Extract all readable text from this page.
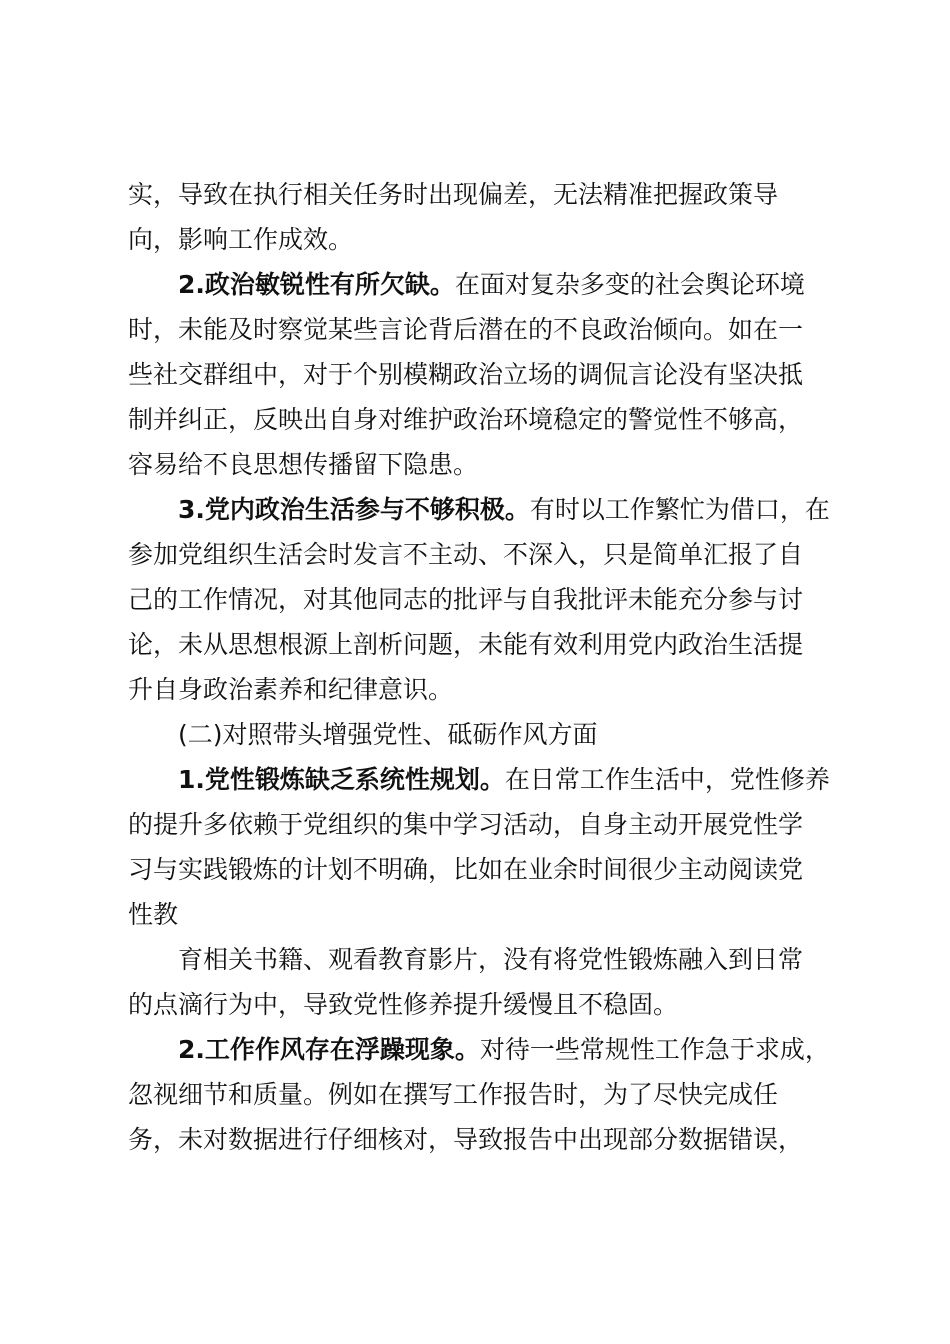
实，导致在执行相关任务时出现偏差，无法精准把握政策导
向，影响工作成效。
2.政治敏锐性有所欠缺。在面对复杂多变的社会舆论环境
时，未能及时察觉某些言论背后潜在的不良政治倾向。如在一
些社交群组中，对于个别模糊政治立场的调侃言论没有坚决抵
制并纠正，反映出自身对维护政治环境稳定的警觉性不够高，
容易给不良思想传播留下隐患。
3.党内政治生活参与不够积极。有时以工作繁忙为借口，在
参加党组织生活会时发言不主动、不深入，只是简单汇报了自
己的工作情况，对其他同志的批评与自我批评未能充分参与讨
论，未从思想根源上剖析问题，未能有效利用党内政治生活提
升自身政治素养和纪律意识。
(二)对照带头增强党性、砥砺作风方面
1.党性锻炼缺乏系统性规划。在日常工作生活中，党性修养
的提升多依赖于党组织的集中学习活动，自身主动开展党性学
习与实践锻炼的计划不明确，比如在业余时间很少主动阅读党
性教
育相关书籍、观看教育影片，没有将党性锻炼融入到日常
的点滴行为中，导致党性修养提升缓慢且不稳固。
2.工作作风存在浮躁现象。对待一些常规性工作急于求成，
忽视细节和质量。例如在撰写工作报告时，为了尽快完成任
务，未对数据进行仔细核对，导致报告中出现部分数据错误，
